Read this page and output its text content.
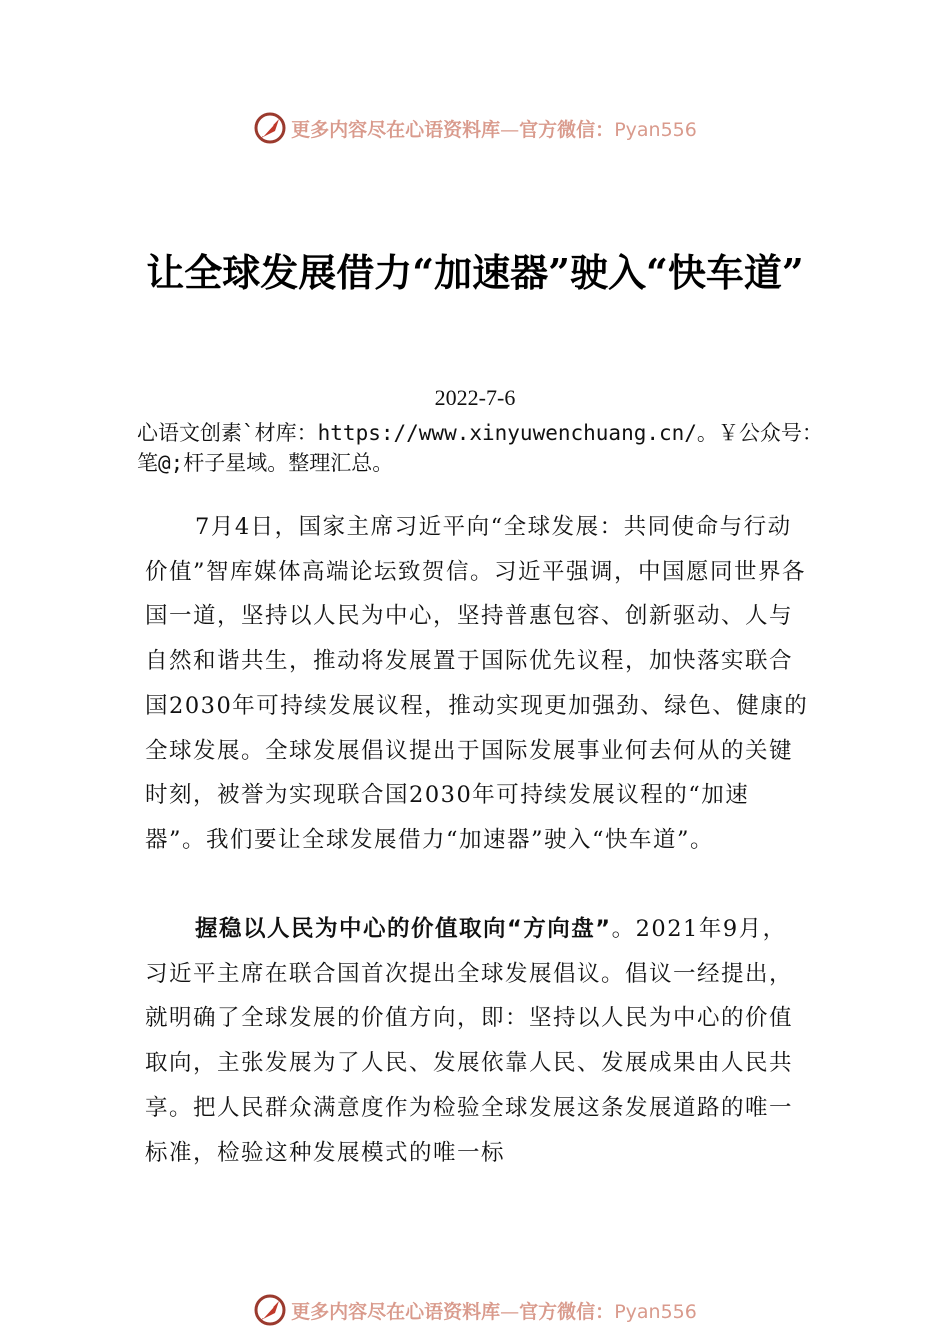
更多内容尽在心语资料库—官方微信：Pyan556
让全球发展借力“加速器”驶入“快车道”
2022-7-6

心语文创素`材库：https://www.xinyuwenchuang.cn/。￥公众号：笔@;杆子星域。整理汇总。

7月4日，国家主席习近平向“全球发展：共同使命与行动价值”智库媒体高端论坛致贺信。习近平强调，中国愿同世界各国一道，坚持以人民为中心，坚持普惠包容、创新驱动、人与自然和谐共生，推动将发展置于国际优先议程，加快落实联合国2030年可持续发展议程，推动实现更加强劲、绿色、健康的全球发展。全球发展倡议提出于国际发展事业何去何从的关键时刻，被誉为实现联合国2030年可持续发展议程的“加速器”。我们要让全球发展借力“加速器”驶入“快车道”。

握稳以人民为中心的价值取向“方向盘”。2021年9月，习近平主席在联合国首次提出全球发展倡议。倡议一经提出，就明确了全球发展的价值方向，即：坚持以人民为中心的价值取向，主张发展为了人民、发展依靠人民、发展成果由人民共享。把人民群众满意度作为检验全球发展这条发展道路的唯一标准，检验这种发展模式的唯一标

更多内容尽在心语资料库—官方微信：Pyan556
